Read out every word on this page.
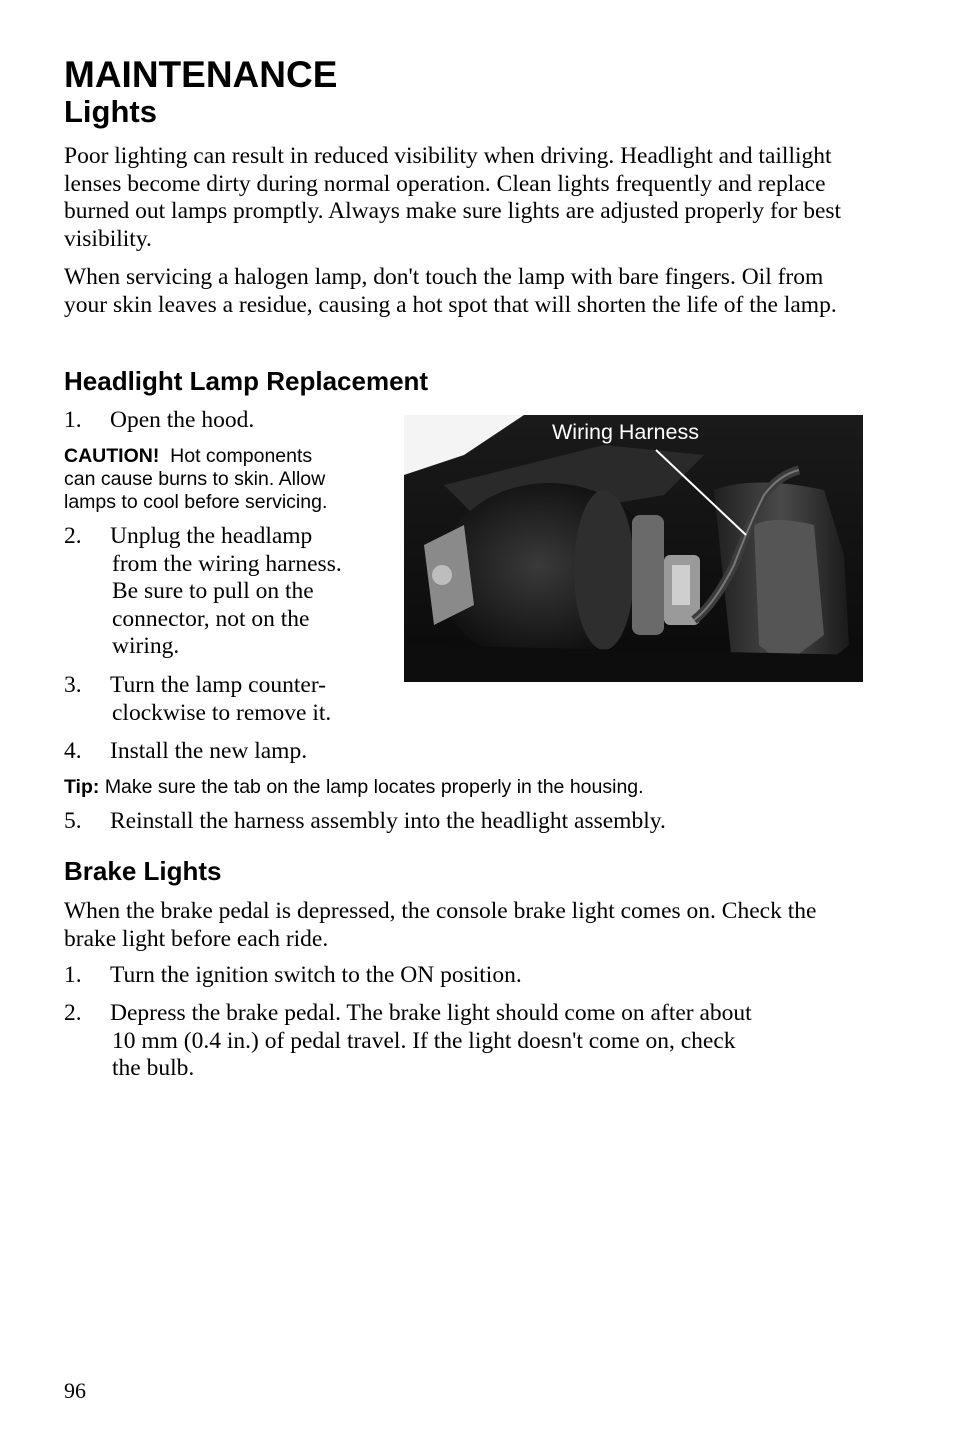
MAINTENANCE
Lights

Poor lighting can result in reduced visibility when driving. Headlight and taillight lenses become dirty during normal operation. Clean lights frequently and replace burned out lamps promptly. Always make sure lights are adjusted properly for best visibility.

When servicing a halogen lamp, don't touch the lamp with bare fingers. Oil from your skin leaves a residue, causing a hot spot that will shorten the life of the lamp.

Headlight Lamp Replacement
1. Open the hood.
CAUTION! Hot components
can cause burns to skin. Allow
lamps to cool before servicing.
2. Unplug the headlamp
from the wiring harness.
Be sure to pull on the
connector, not on the
wiring.
3. Turn the lamp counter-
clockwise to remove it.
4. Install the new lamp.
Tip: Make sure the tab on the lamp locates properly in the housing.
5. Reinstall the harness assembly into the headlight assembly.
Wiring Harness
Brake Lights

When the brake pedal is depressed, the console brake light comes on. Check the brake light before each ride.

1. Turn the ignition switch to the ON position.
2. Depress the brake pedal. The brake light should come on after about
10 mm (0.4 in.) of pedal travel. If the light doesn't come on, check
the bulb.
96
